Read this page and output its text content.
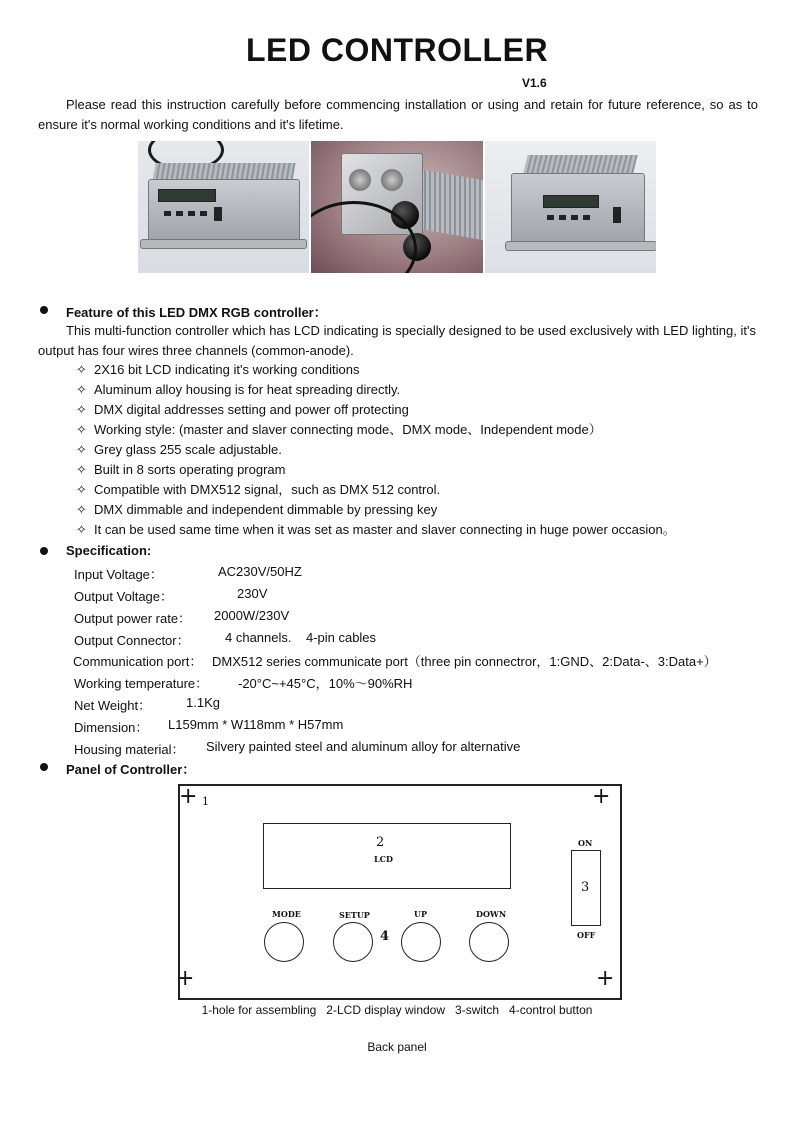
LED CONTROLLER
V1.6
Please read this instruction carefully before commencing installation or using and retain for future reference, so as to ensure it's normal working conditions and it's lifetime.
Feature of this LED DMX RGB controller：
This multi-function controller which has LCD indicating is specially designed to be used exclusively with LED lighting, it's output has four wires three channels (common-anode).
✧ 2X16 bit LCD indicating it's working conditions
✧ Aluminum alloy housing is for heat spreading directly.
✧ DMX digital addresses setting and power off protecting
✧ Working style: (master and slaver connecting mode、DMX mode、Independent mode）
✧ Grey glass 255 scale adjustable.
✧ Built in 8 sorts operating program
✧ Compatible with DMX512 signal，such as DMX 512 control.
✧ DMX dimmable and independent dimmable by pressing key
✧ It can be used same time when it was set as master and slaver connecting in huge power occasion。
Specification:
Input Voltage：	AC230V/50HZ
Output Voltage：	230V
Output power rate： 2000W/230V
Output Connector：	4 channels.    4-pin cables
Communication port： DMX512 series communicate port（three pin connectror，1:GND、2:Data-、3:Data+）
Working temperature： -20°C~+45°C，10%～90%RH
Net Weight：	1.1Kg
Dimension： L159mm * W118mm * H57mm
Housing material： Silvery painted steel and aluminum alloy for alternative
Panel of Controller：
+ 1	+
+	+
2
LCD
ON
3
OFF
MODE	SETUP
4
UP	DOWN
1-hole for assembling   2-LCD display window   3-switch   4-control button
Back panel
